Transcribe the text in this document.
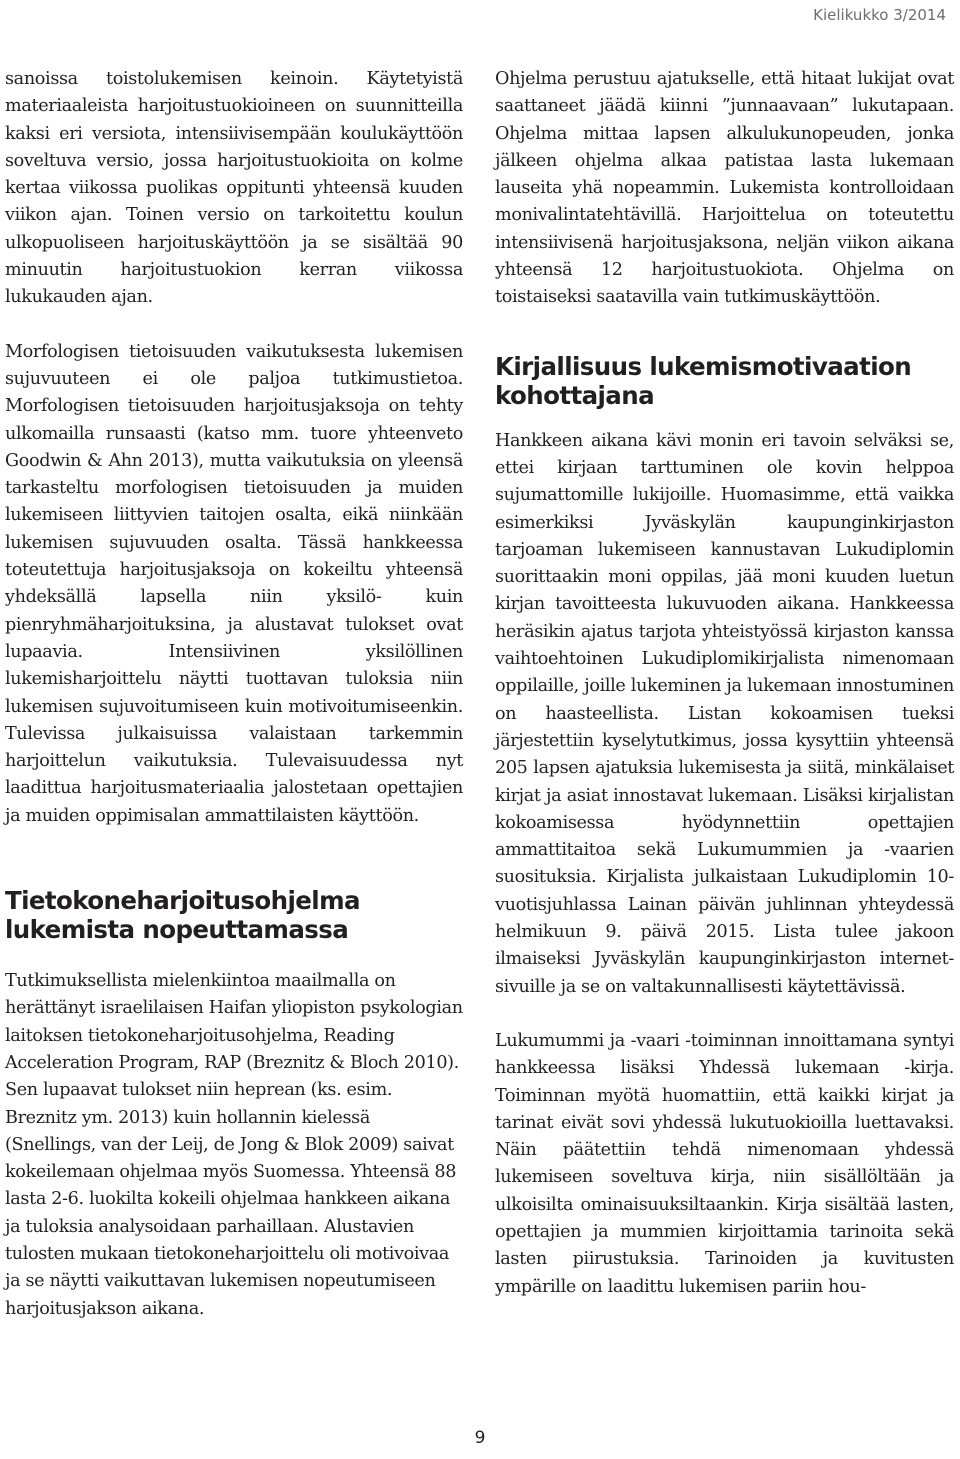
Kielikukko 3/2014

sanoissa toistolukemisen keinoin. Käytetyistä materiaaleista harjoitustuokioineen on suunnitteilla kaksi eri versiota, intensiivisempään koulukäyttöön soveltuva versio, jossa harjoitustuokioita on kolme kertaa viikossa puolikas oppitunti yhteensä kuuden viikon ajan. Toinen versio on tarkoitettu koulun ulkopuoliseen harjoituskäyttöön ja se sisältää 90 minuutin harjoitustuokion kerran viikossa lukukauden ajan.

Morfologisen tietoisuuden vaikutuksesta lukemisen sujuvuuteen ei ole paljoa tutkimustietoa. Morfologisen tietoisuuden harjoitusjaksoja on tehty ulkomailla runsaasti (katso mm. tuore yhteenveto Goodwin & Ahn 2013), mutta vaikutuksia on yleensä tarkasteltu morfologisen tietoisuuden ja muiden lukemiseen liittyvien taitojen osalta, eikä niinkään lukemisen sujuvuuden osalta. Tässä hankkeessa toteutettuja harjoitusjaksoja on kokeiltu yhteensä yhdeksällä lapsella niin yksilö- kuin pienryhmäharjoituksina, ja alustavat tulokset ovat lupaavia. Intensiivinen yksilöllinen lukemisharjoittelu näytti tuottavan tuloksia niin lukemisen sujuvoitumiseen kuin motivoitumiseenkin. Tulevissa julkaisuissa valaistaan tarkemmin harjoittelun vaikutuksia. Tulevaisuudessa nyt laadittua harjoitusmateriaalia jalostetaan opettajien ja muiden oppimisalan ammattilaisten käyttöön.

Tietokoneharjoitusohjelma lukemista nopeuttamassa

Tutkimuksellista mielenkiintoa maailmalla on herättänyt israelilaisen Haifan yliopiston psykologian laitoksen tietokoneharjoitusohjelma, Reading Acceleration Program, RAP (Breznitz & Bloch 2010). Sen lupaavat tulokset niin heprean (ks. esim. Breznitz ym. 2013) kuin hollannin kielessä (Snellings, van der Leij, de Jong & Blok 2009) saivat kokeilemaan ohjelmaa myös Suomessa. Yhteensä 88 lasta 2-6. luokilta kokeili ohjelmaa hankkeen aikana ja tuloksia analysoidaan parhaillaan. Alustavien tulosten mukaan tietokoneharjoittelu oli motivoivaa ja se näytti vaikuttavan lukemisen nopeutumiseen harjoitusjakson aikana.

Ohjelma perustuu ajatukselle, että hitaat lukijat ovat saattaneet jäädä kiinni ”junnaavaan” lukutapaan. Ohjelma mittaa lapsen alkulukunopeuden, jonka jälkeen ohjelma alkaa patistaa lasta lukemaan lauseita yhä nopeammin. Lukemista kontrolloidaan monivalintatehtävillä. Harjoittelua on toteutettu intensiivisenä harjoitusjaksona, neljän viikon aikana yhteensä 12 harjoitustuokiota. Ohjelma on toistaiseksi saatavilla vain tutkimuskäyttöön.

Kirjallisuus lukemismotivaation kohottajana

Hankkeen aikana kävi monin eri tavoin selväksi se, ettei kirjaan tarttuminen ole kovin helppoa sujumattomille lukijoille. Huomasimme, että vaikka esimerkiksi Jyväskylän kaupunginkirjaston tarjoaman lukemiseen kannustavan Lukudiplomin suorittaakin moni oppilas, jää moni kuuden luetun kirjan tavoitteesta lukuvuoden aikana. Hankkeessa heräsikin ajatus tarjota yhteistyössä kirjaston kanssa vaihtoehtoinen Lukudiplomikirjalista nimenomaan oppilaille, joille lukeminen ja lukemaan innostuminen on haasteellista. Listan kokoamisen tueksi järjestettiin kyselytutkimus, jossa kysyttiin yhteensä 205 lapsen ajatuksia lukemisesta ja siitä, minkälaiset kirjat ja asiat innostavat lukemaan. Lisäksi kirjalistan kokoamisessa hyödynnettiin opettajien ammattitaitoa sekä Lukumummien ja -vaarien suosituksia. Kirjalista julkaistaan Lukudiplomin 10-vuotisjuhlassa Lainan päivän juhlinnan yhteydessä helmikuun 9. päivä 2015. Lista tulee jakoon ilmaiseksi Jyväskylän kaupunginkirjaston internet-sivuille ja se on valtakunnallisesti käytettävissä.

Lukumummi ja -vaari -toiminnan innoittamana syntyi hankkeessa lisäksi Yhdessä lukemaan -kirja. Toiminnan myötä huomattiin, että kaikki kirjat ja tarinat eivät sovi yhdessä lukutuokioilla luettavaksi. Näin päätettiin tehdä nimenomaan yhdessä lukemiseen soveltuva kirja, niin sisällöltään ja ulkoisilta ominaisuuksiltaankin. Kirja sisältää lasten, opettajien ja mummien kirjoittamia tarinoita sekä lasten piirustuksia. Tarinoiden ja kuvitusten ympärille on laadittu lukemisen pariin hou-

9
